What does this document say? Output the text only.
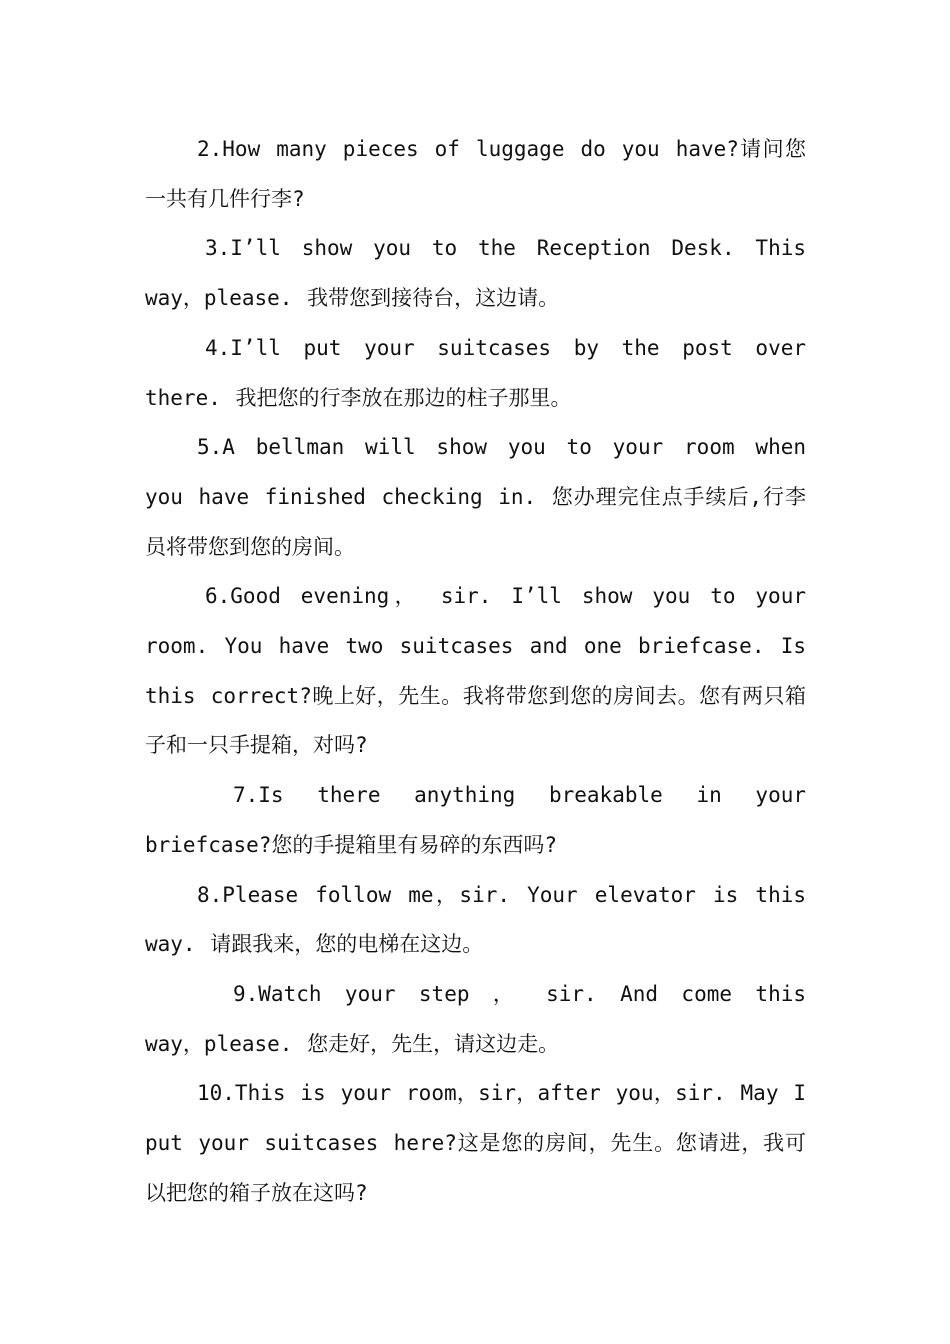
2.How many pieces of luggage do you have?请问您一共有几件行李?

3.I’ll show you to the Reception Desk. This way，please. 我带您到接待台，这边请。

4.I’ll put your suitcases by the post over there. 我把您的行李放在那边的柱子那里。

5.A bellman will show you to your room when you have finished checking in. 您办理完住点手续后,行李员将带您到您的房间。

6.Good evening， sir. I’ll show you to your room. You have two suitcases and one briefcase. Is this correct?晚上好，先生。我将带您到您的房间去。您有两只箱子和一只手提箱，对吗?

7.Is there anything breakable in your briefcase?您的手提箱里有易碎的东西吗?

8.Please follow me，sir. Your elevator is this way. 请跟我来，您的电梯在这边。

9.Watch your step ， sir. And come this way，please. 您走好，先生，请这边走。

10.This is your room，sir，after you，sir. May I put your suitcases here?这是您的房间，先生。您请进，我可以把您的箱子放在这吗?
